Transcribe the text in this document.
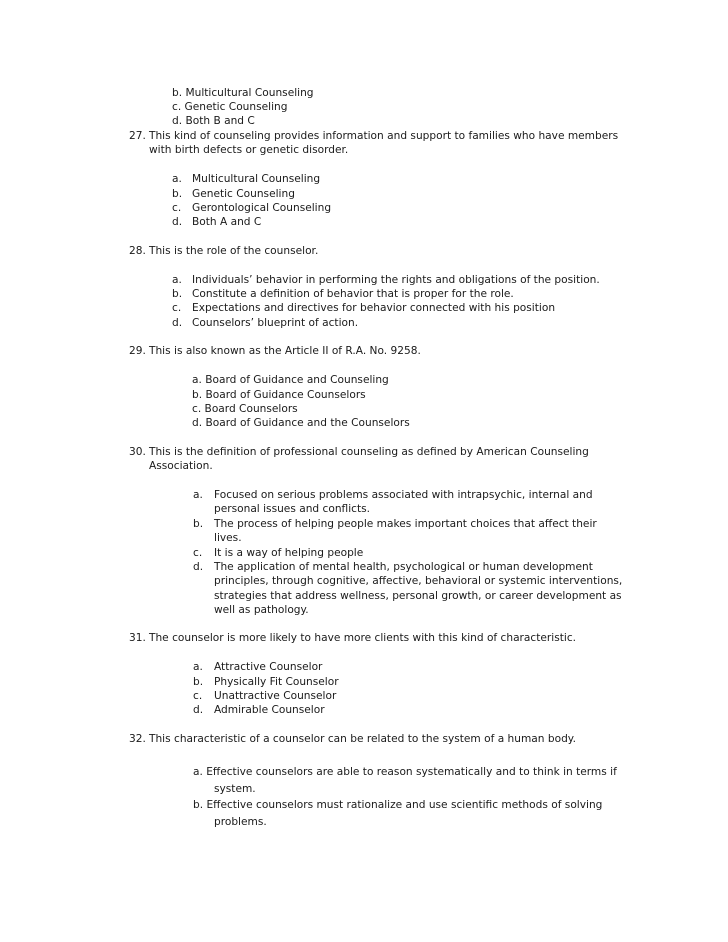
b. Multicultural Counseling
c. Genetic Counseling
d. Both B and C
27. This kind of counseling provides information and support to families who have members
with birth defects or genetic disorder.
a. Multicultural Counseling
b. Genetic Counseling
c. Gerontological Counseling
d. Both A and C
28. This is the role of the counselor.
a. Individuals’ behavior in performing the rights and obligations of the position.
b. Constitute a definition of behavior that is proper for the role.
c. Expectations and directives for behavior connected with his position
d. Counselors’ blueprint of action.
29. This is also known as the Article II of R.A. No. 9258.
a. Board of Guidance and Counseling
b. Board of Guidance Counselors
c. Board Counselors
d. Board of Guidance and the Counselors
30. This is the definition of professional counseling as defined by American Counseling
Association.
a. Focused on serious problems associated with intrapsychic, internal and
personal issues and conflicts.
b. The process of helping people makes important choices that affect their
lives.
c. It is a way of helping people
d. The application of mental health, psychological or human development
principles, through cognitive, affective, behavioral or systemic interventions,
strategies that address wellness, personal growth, or career development as
well as pathology.
31. The counselor is more likely to have more clients with this kind of characteristic.
a. Attractive Counselor
b. Physically Fit Counselor
c. Unattractive Counselor
d. Admirable Counselor
32. This characteristic of a counselor can be related to the system of a human body.
a. Effective counselors are able to reason systematically and to think in terms if
system.
b. Effective counselors must rationalize and use scientific methods of solving
problems.
